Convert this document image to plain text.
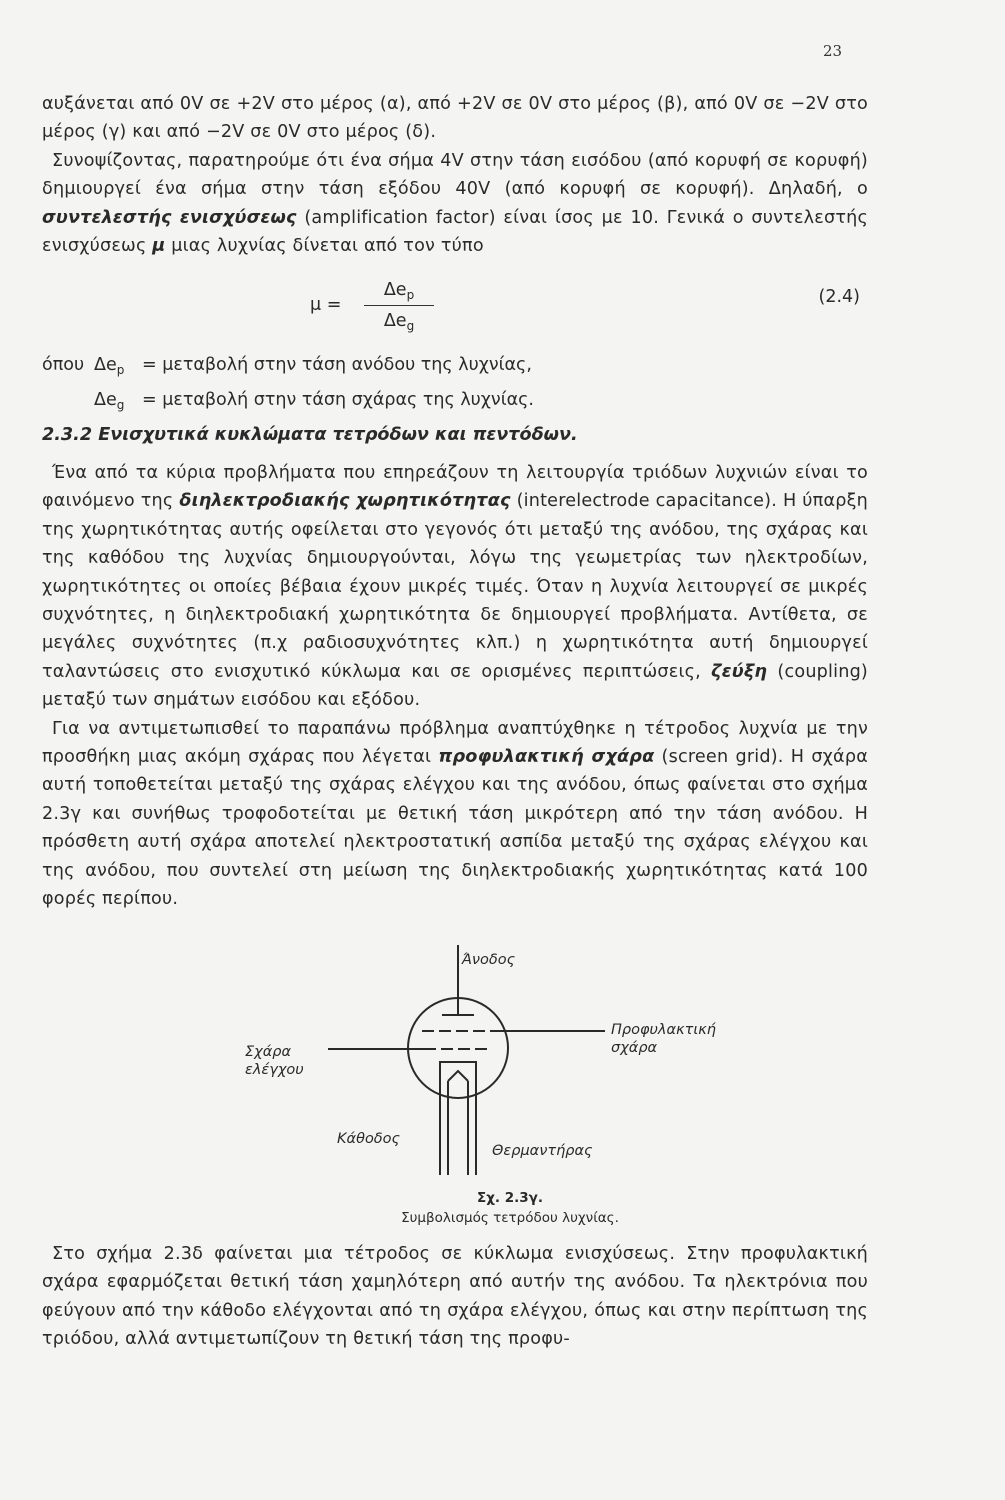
23

αυξάνεται από 0V σε +2V στο μέρος (α), από +2V σε 0V στο μέρος (β), από 0V σε −2V στο μέρος (γ) και από −2V σε 0V στο μέρος (δ).

Συνοψίζοντας, παρατηρούμε ότι ένα σήμα 4V στην τάση εισόδου (από κορυφή σε κορυφή) δημιουργεί ένα σήμα στην τάση εξόδου 40V (από κορυφή σε κορυφή). Δηλαδή, ο συντελεστής ενισχύσεως (amplification factor) είναι ίσος με 10. Γενικά ο συντελεστής ενισχύσεως μ μιας λυχνίας δίνεται από τον τύπο

μ =
$\Delta e_p$
$\Delta e_g$
(2.4)
όπου $\Delta e_p$	= μεταβολή στην τάση ανόδου της λυχνίας,
$\Delta e_g$	= μεταβολή στην τάση σχάρας της λυχνίας.
2.3.2 Ενισχυτικά κυκλώματα τετρόδων και πεντόδων.

Ένα από τα κύρια προβλήματα που επηρεάζουν τη λειτουργία τριόδων λυχνιών είναι το φαινόμενο της διηλεκτροδιακής χωρητικότητας (interelectrode capacitance). Η ύπαρξη της χωρητικότητας αυτής οφείλεται στο γεγονός ότι μεταξύ της ανόδου, της σχάρας και της καθόδου της λυχνίας δημιουργούνται, λόγω της γεωμετρίας των ηλεκτροδίων, χωρητικότητες οι οποίες βέβαια έχουν μικρές τιμές. Όταν η λυχνία λειτουργεί σε μικρές συχνότητες, η διηλεκτροδιακή χωρητικότητα δε δημιουργεί προβλήματα. Αντίθετα, σε μεγάλες συχνότητες (π.χ ραδιοσυχνότητες κλπ.) η χωρητικότητα αυτή δημιουργεί ταλαντώσεις στο ενισχυτικό κύκλωμα και σε ορισμένες περιπτώσεις, ζεύξη (coupling) μεταξύ των σημάτων εισόδου και εξόδου.

Για να αντιμετωπισθεί το παραπάνω πρόβλημα αναπτύχθηκε η τέτροδος λυχνία με την προσθήκη μιας ακόμη σχάρας που λέγεται προφυλακτική σχάρα (screen grid). Η σχάρα αυτή τοποθετείται μεταξύ της σχάρας ελέγχου και της ανόδου, όπως φαίνεται στο σχήμα 2.3γ και συνήθως τροφοδοτείται με θετική τάση μικρότερη από την τάση ανόδου. Η πρόσθετη αυτή σχάρα αποτελεί ηλεκτροστατική ασπίδα μεταξύ της σχάρας ελέγχου και της ανόδου, που συντελεί στη μείωση της διηλεκτροδιακής χωρητικότητας κατά 100 φορές περίπου.

Άνοδος
Προφυλακτική
σχάρα
Σχάρα
ελέγχου
Κάθοδος
Θερμαντήρας
Σχ. 2.3γ.
Συμβολισμός τετρόδου λυχνίας.

Στο σχήμα 2.3δ φαίνεται μια τέτροδος σε κύκλωμα ενισχύσεως. Στην προφυλακτική σχάρα εφαρμόζεται θετική τάση χαμηλότερη από αυτήν της ανόδου. Τα ηλεκτρόνια που φεύγουν από την κάθοδο ελέγχονται από τη σχάρα ελέγχου, όπως και στην περίπτωση της τριόδου, αλλά αντιμετωπίζουν τη θετική τάση της προφυ-
